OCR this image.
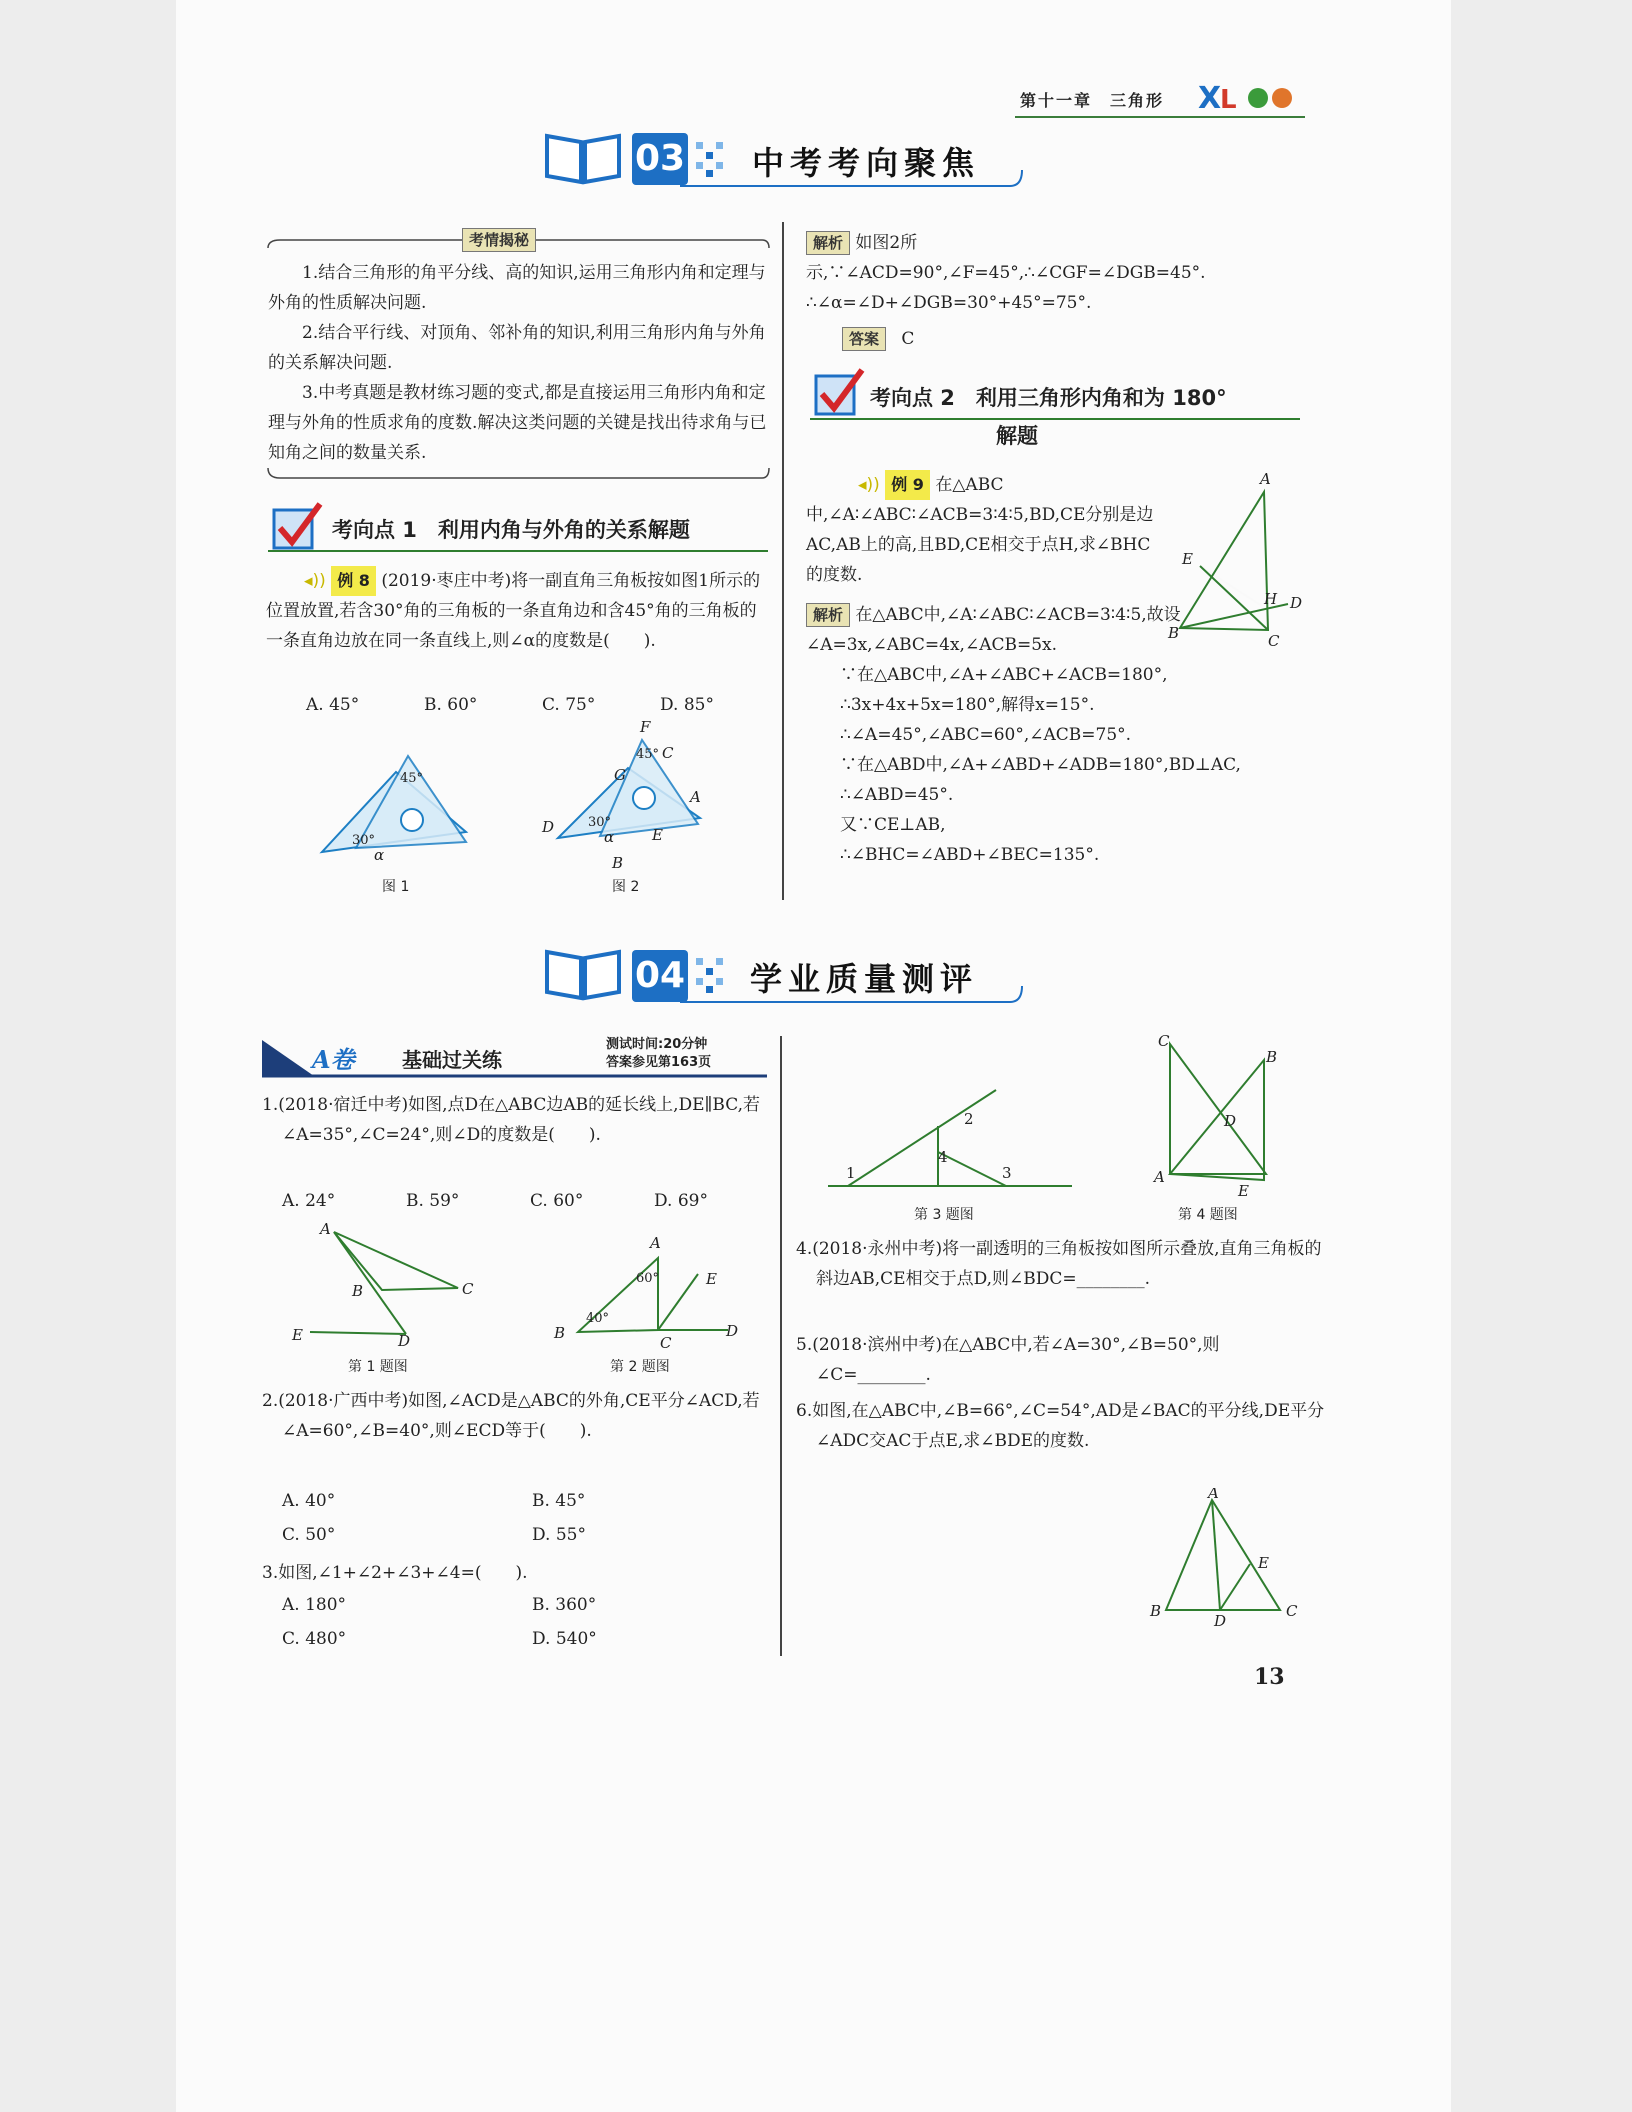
第十一章　三角形 X
L
03 中考考向聚焦
考情揭秘
1.结合三角形的角平分线、高的知识,运用三角形内角和定理与外角的性质解决问题.
2.结合平行线、对顶角、邻补角的知识,利用三角形内角与外角的关系解决问题.
3.中考真题是教材练习题的变式,都是直接运用三角形内角和定理与外角的性质求角的度数.解决这类问题的关键是找出待求角与已知角之间的数量关系.
考向点 1　利用内角与外角的关系解题
◂)) 例 8 (2019·枣庄中考)将一副直角三角板按如图1所示的位置放置,若含30°角的三角板的一条直角边和含45°角的三角板的一条直角边放在同一条直线上,则∠α的度数是(　　).
A. 45°	B. 60°	C. 75°	D. 85°
45°
30°
α
图 1
F
C
45°
G
A
D	30°
α	E
B
图 2
解析 如图2所示,∵∠ACD=90°,∠F=45°,∴∠CGF=∠DGB=45°.　∴∠α=∠D+∠DGB=30°+45°=75°.
答案 C
考向点 2　利用三角形内角和为 180°
解题
◂)) 例 9 在△ABC中,∠A∶∠ABC∶∠ACB=3∶4∶5,BD,CE分别是边AC,AB上的高,且BD,CE相交于点H,求∠BHC的度数.
A
E
H D
B	C
解析 在△ABC中,∠A∶∠ABC∶∠ACB=3∶4∶5,故设∠A=3x,∠ABC=4x,∠ACB=5x.
∵在△ABC中,∠A+∠ABC+∠ACB=180°,
∴3x+4x+5x=180°,解得x=15°.
∴∠A=45°,∠ABC=60°,∠ACB=75°.
∵在△ABD中,∠A+∠ABD+∠ADB=180°,BD⊥AC,
∴∠ABD=45°.
又∵CE⊥AB,
∴∠BHC=∠ABD+∠BEC=135°.
04 学业质量测评
A卷 基础过关练
测试时间:20分钟
答案参见第163页
1.(2018·宿迁中考)如图,点D在△ABC边AB的延长线上,DE∥BC,若∠A=35°,∠C=24°,则∠D的度数是(　　).
A. 24°	B. 59°	C. 60°	D. 69°
A
B	C
E	D
第 1 题图
A
60°	E
40°
B
C
D
第 2 题图
2.(2018·广西中考)如图,∠ACD是△ABC的外角,CE平分∠ACD,若∠A=60°,∠B=40°,则∠ECD等于(　　).
A. 40°	B. 45°
C. 50°	D. 55°
3.如图,∠1+∠2+∠3+∠4=(　　).
A. 180°	B. 360°
C. 480°	D. 540°
1
2
4
3
第 3 题图
C
B
D
A
E
第 4 题图
4.(2018·永州中考)将一副透明的三角板按如图所示叠放,直角三角板的斜边AB,CE相交于点D,则∠BDC=________.
5.(2018·滨州中考)在△ABC中,若∠A=30°,∠B=50°,则∠C=________.
6.如图,在△ABC中,∠B=66°,∠C=54°,AD是∠BAC的平分线,DE平分∠ADC交AC于点E,求∠BDE的度数.
A
E
B
D
C
13
